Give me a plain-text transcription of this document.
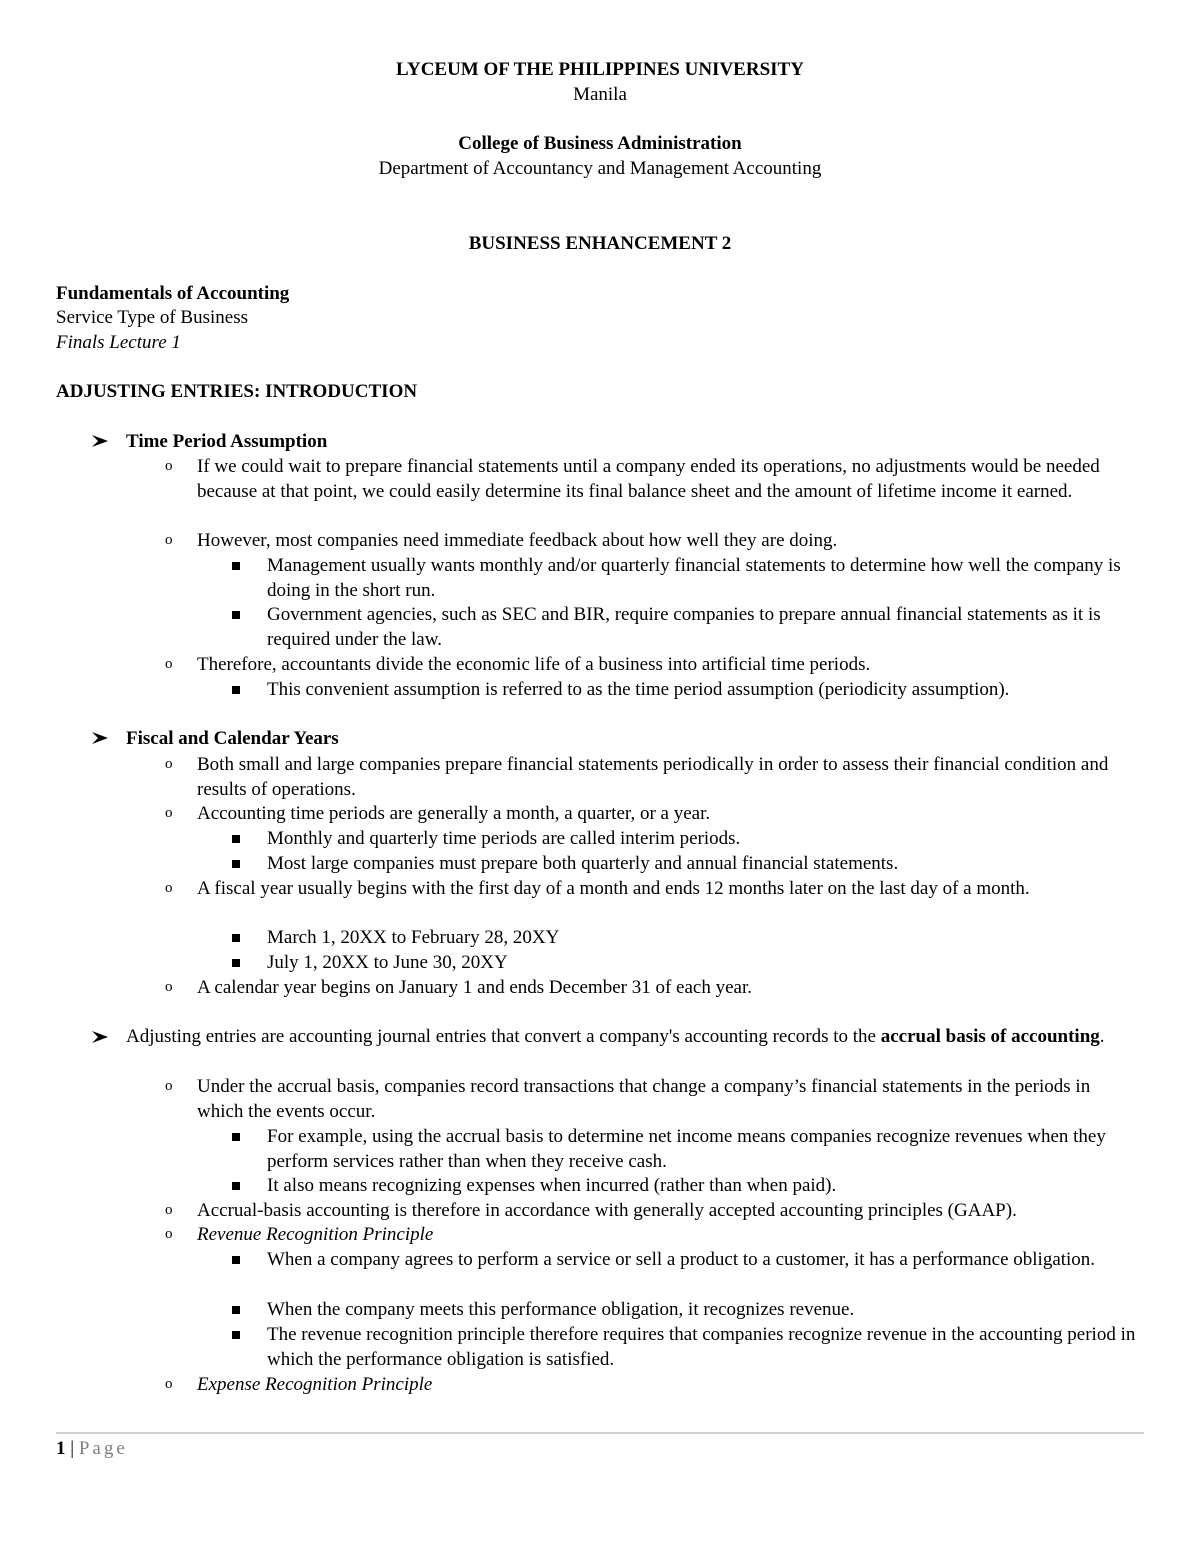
LYCEUM OF THE PHILIPPINES UNIVERSITY
Manila
College of Business Administration
Department of Accountancy and Management Accounting
BUSINESS ENHANCEMENT 2
Fundamentals of Accounting
Service Type of Business
Finals Lecture 1
ADJUSTING ENTRIES: INTRODUCTION
Time Period Assumption
o	If we could wait to prepare financial statements until a company ended its operations, no adjustments would be needed because at that point, we could easily determine its final balance sheet and the amount of lifetime income it earned.
o	However, most companies need immediate feedback about how well they are doing.
Management usually wants monthly and/or quarterly financial statements to determine how well the company is doing in the short run.
Government agencies, such as SEC and BIR, require companies to prepare annual financial statements as it is required under the law.
o	Therefore, accountants divide the economic life of a business into artificial time periods.
This convenient assumption is referred to as the time period assumption (periodicity assumption).
Fiscal and Calendar Years
o	Both small and large companies prepare financial statements periodically in order to assess their financial condition and results of operations.
o	Accounting time periods are generally a month, a quarter, or a year.
Monthly and quarterly time periods are called interim periods.
Most large companies must prepare both quarterly and annual financial statements.
o	A fiscal year usually begins with the first day of a month and ends 12 months later on the last day of a month.
March 1, 20XX to February 28, 20XY
July 1, 20XX to June 30, 20XY
o	A calendar year begins on January 1 and ends December 31 of each year.
Adjusting entries are accounting journal entries that convert a company's accounting records to the accrual basis of accounting.
o	Under the accrual basis, companies record transactions that change a company’s financial statements in the periods in which the events occur.
For example, using the accrual basis to determine net income means companies recognize revenues when they perform services rather than when they receive cash.
It also means recognizing expenses when incurred (rather than when paid).
o	Accrual-basis accounting is therefore in accordance with generally accepted accounting principles (GAAP).
o	Revenue Recognition Principle
When a company agrees to perform a service or sell a product to a customer, it has a performance obligation.
When the company meets this performance obligation, it recognizes revenue.
The revenue recognition principle therefore requires that companies recognize revenue in the accounting period in which the performance obligation is satisfied.
o	Expense Recognition Principle
1 | Page
